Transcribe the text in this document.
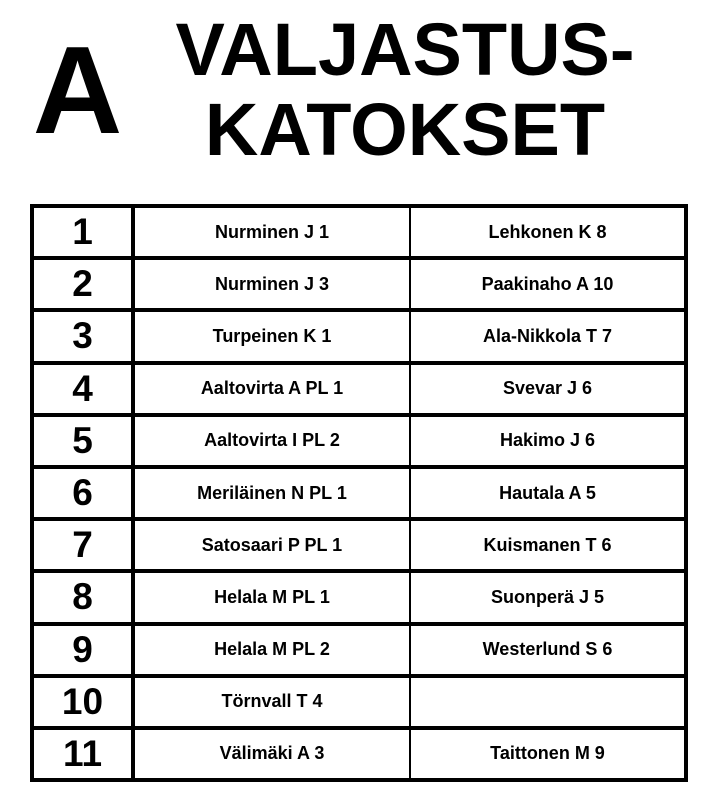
A VALJASTUS-
KATOKSET
1	Nurminen J 1	Lehkonen K 8
2	Nurminen J 3	Paakinaho A 10
3	Turpeinen K 1	Ala-Nikkola T 7
4	Aaltovirta A PL 1	Svevar J 6
5	Aaltovirta I PL 2	Hakimo J 6
6	Meriläinen N PL 1	Hautala A 5
7	Satosaari P PL 1	Kuismanen T 6
8	Helala M PL 1	Suonperä J 5
9	Helala M PL 2	Westerlund S 6
10	Törnvall T 4
11	Välimäki A 3	Taittonen M 9
